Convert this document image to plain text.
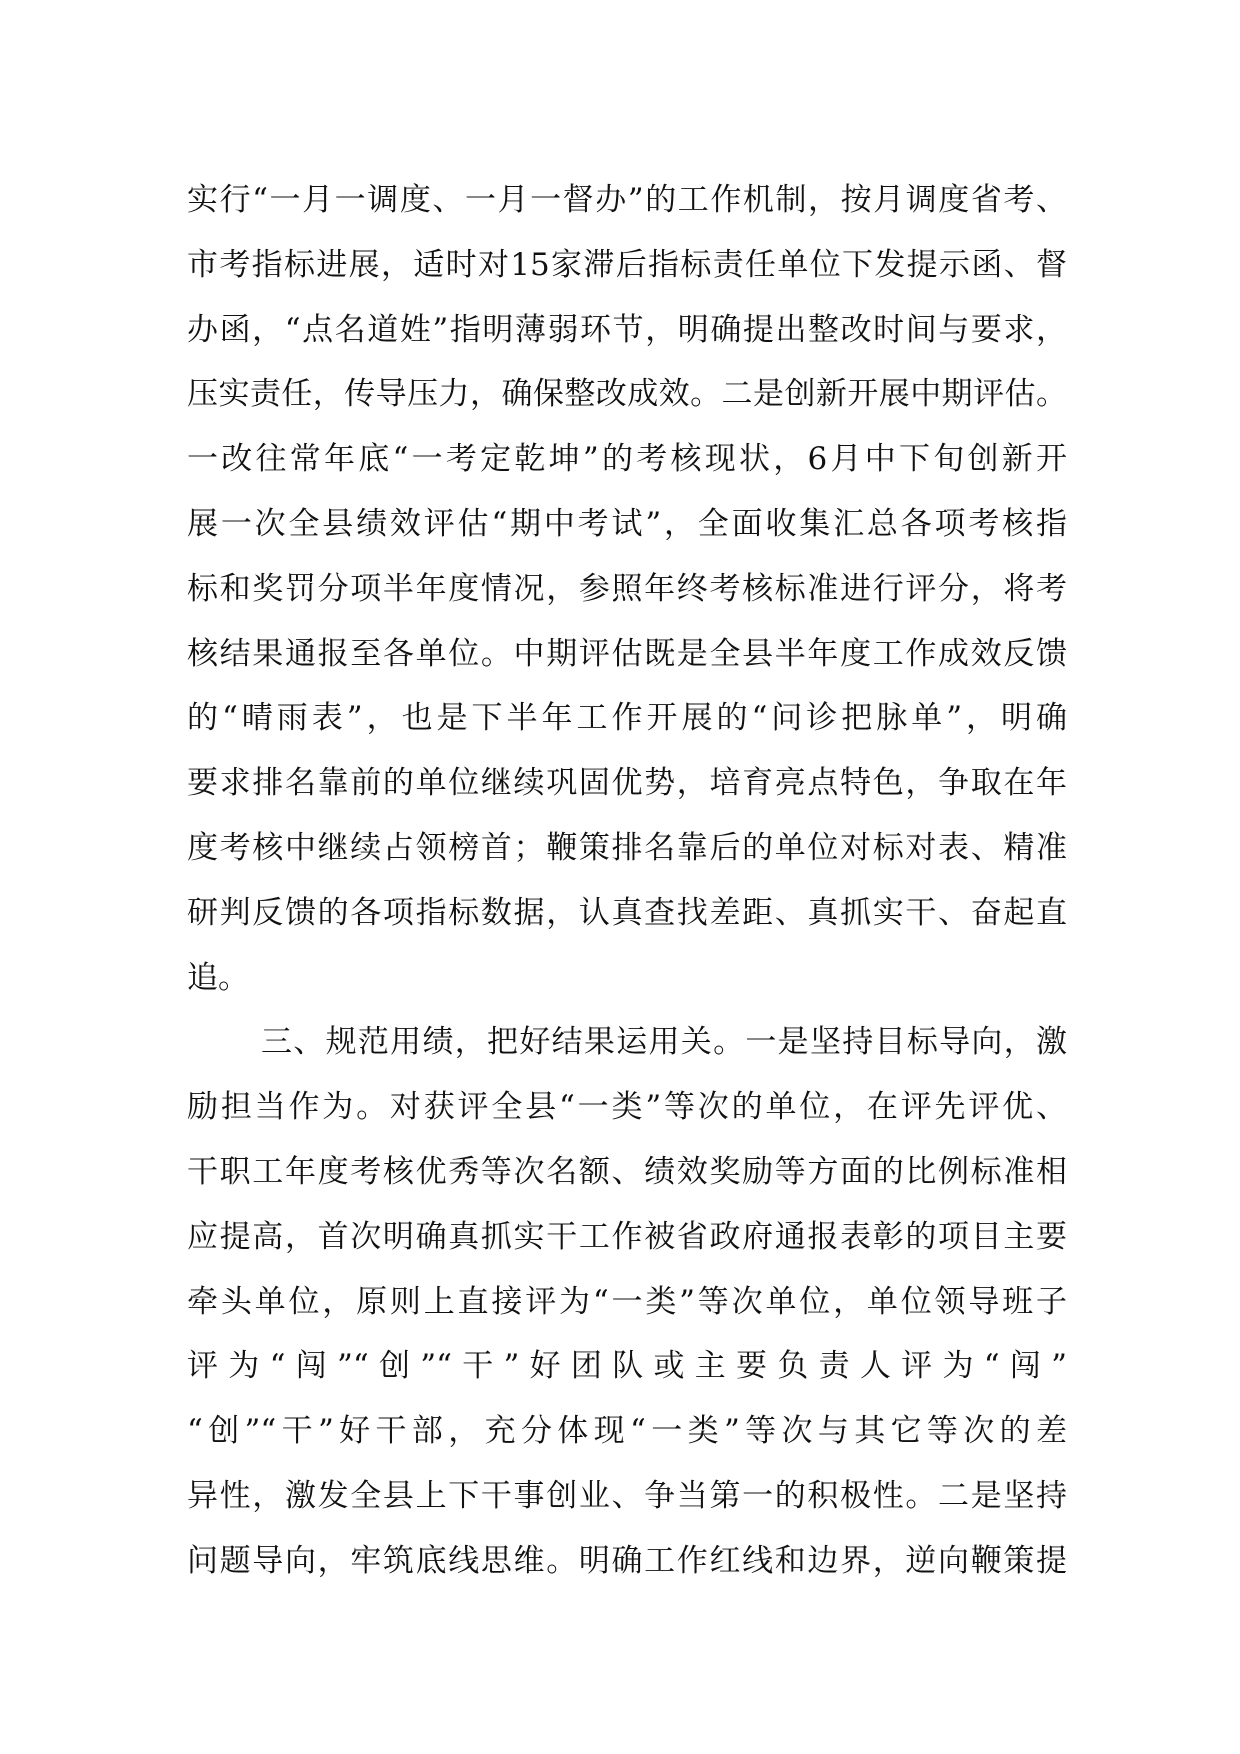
实行“一月一调度、一月一督办”的工作机制，按月调度省考、
市考指标进展，适时对15家滞后指标责任单位下发提示函、督
办函，“点名道姓”指明薄弱环节，明确提出整改时间与要求，
压实责任，传导压力，确保整改成效。二是创新开展中期评估。
一改往常年底“一考定乾坤”的考核现状，6月中下旬创新开
展一次全县绩效评估“期中考试”，全面收集汇总各项考核指
标和奖罚分项半年度情况，参照年终考核标准进行评分，将考
核结果通报至各单位。中期评估既是全县半年度工作成效反馈
的“晴雨表”，也是下半年工作开展的“问诊把脉单”，明确
要求排名靠前的单位继续巩固优势，培育亮点特色，争取在年
度考核中继续占领榜首；鞭策排名靠后的单位对标对表、精准
研判反馈的各项指标数据，认真查找差距、真抓实干、奋起直
追。
三、规范用绩，把好结果运用关。一是坚持目标导向，激
励担当作为。对获评全县“一类”等次的单位，在评先评优、
干职工年度考核优秀等次名额、绩效奖励等方面的比例标准相
应提高，首次明确真抓实干工作被省政府通报表彰的项目主要
牵头单位，原则上直接评为“一类”等次单位，单位领导班子
评为“闯”“创”“干”好团队或主要负责人评为“闯”
“创”“干”好干部，充分体现“一类”等次与其它等次的差
异性，激发全县上下干事创业、争当第一的积极性。二是坚持
问题导向，牢筑底线思维。明确工作红线和边界，逆向鞭策提
